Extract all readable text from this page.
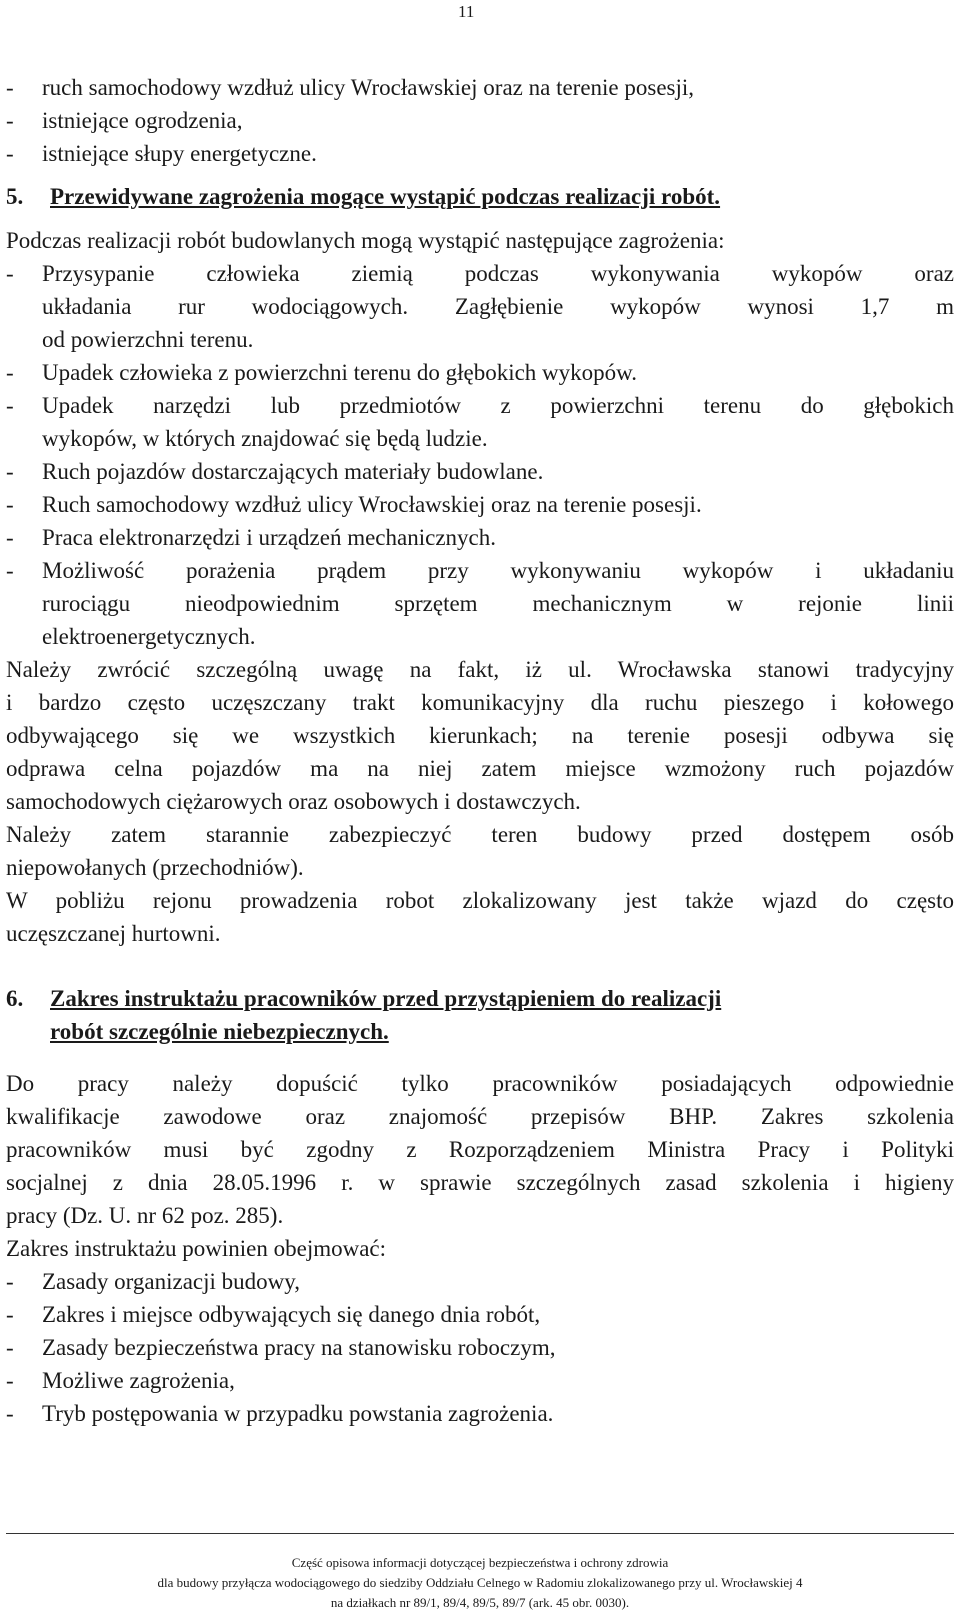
11
- ruch samochodowy wzdłuż ulicy Wrocławskiej oraz na terenie posesji,
- istniejące ogrodzenia,
- istniejące słupy energetyczne.
5. Przewidywane zagrożenia mogące wystąpić podczas realizacji robót.
Podczas realizacji robót budowlanych mogą wystąpić następujące zagrożenia:
- Przysypanie człowieka ziemią podczas wykonywania wykopów oraz
układania rur wodociągowych. Zagłębienie wykopów wynosi 1,7 m
od powierzchni terenu.
- Upadek człowieka z powierzchni terenu do głębokich wykopów.
- Upadek narzędzi lub przedmiotów z powierzchni terenu do głębokich
wykopów, w których znajdować się będą ludzie.
- Ruch pojazdów dostarczających materiały budowlane.
- Ruch samochodowy wzdłuż ulicy Wrocławskiej oraz na terenie posesji.
- Praca elektronarzędzi i urządzeń mechanicznych.
- Możliwość porażenia prądem przy wykonywaniu wykopów i układaniu
rurociągu nieodpowiednim sprzętem mechanicznym w rejonie linii
elektroenergetycznych.
Należy zwrócić szczególną uwagę na fakt, iż ul. Wrocławska stanowi tradycyjny
i bardzo często uczęszczany trakt komunikacyjny dla ruchu pieszego i kołowego
odbywającego się we wszystkich kierunkach; na terenie posesji odbywa się
odprawa celna pojazdów ma na niej zatem miejsce wzmożony ruch pojazdów
samochodowych ciężarowych oraz osobowych i dostawczych.
Należy zatem starannie zabezpieczyć teren budowy przed dostępem osób
niepowołanych (przechodniów).
W pobliżu rejonu prowadzenia robot zlokalizowany jest także wjazd do często
uczęszczanej hurtowni.
6. Zakres instruktażu pracowników przed przystąpieniem do realizacji
robót szczególnie niebezpiecznych.
Do pracy należy dopuścić tylko pracowników posiadających odpowiednie
kwalifikacje zawodowe oraz znajomość przepisów BHP. Zakres szkolenia
pracowników musi być zgodny z Rozporządzeniem Ministra Pracy i Polityki
socjalnej z dnia 28.05.1996 r. w sprawie szczególnych zasad szkolenia i higieny
pracy (Dz. U. nr 62 poz. 285).
Zakres instruktażu powinien obejmować:
- Zasady organizacji budowy,
- Zakres i miejsce odbywających się danego dnia robót,
- Zasady bezpieczeństwa pracy na stanowisku roboczym,
- Możliwe zagrożenia,
- Tryb postępowania w przypadku powstania zagrożenia.
Część opisowa informacji dotyczącej bezpieczeństwa i ochrony zdrowia
dla budowy przyłącza wodociągowego do siedziby Oddziału Celnego w Radomiu zlokalizowanego przy ul. Wrocławskiej 4
na działkach nr 89/1, 89/4, 89/5, 89/7 (ark. 45 obr. 0030).
